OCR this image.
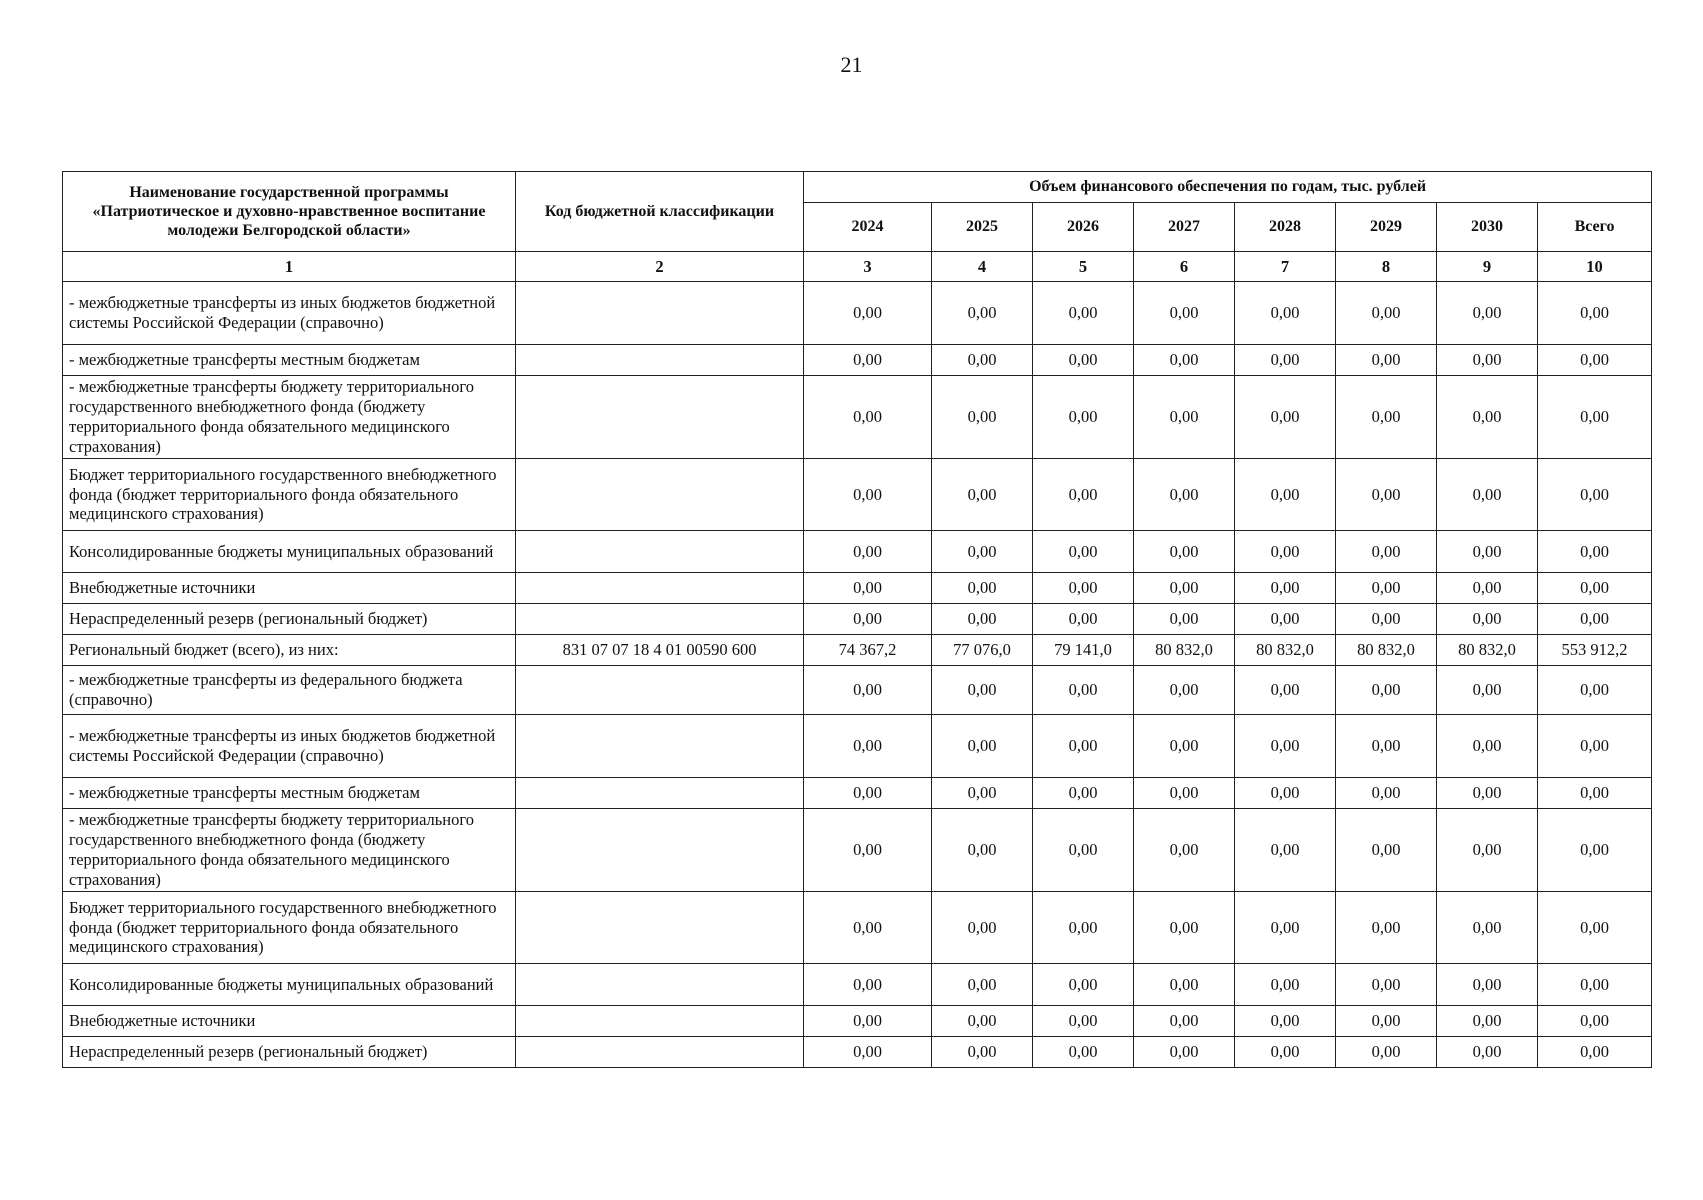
21
Наименование государственной программы «Патриотическое и духовно-нравственное воспитание молодежи Белгородской области»	Код бюджетной классификации	Объем финансового обеспечения по годам, тыс. рублей							
		2024	2025	2026	2027	2028	2029	2030	Всего
1	2	3	4	5	6	7	8	9	10
- межбюджетные трансферты из иных бюджетов бюджетной системы Российской Федерации (справочно)		0,00	0,00	0,00	0,00	0,00	0,00	0,00	0,00
- межбюджетные трансферты местным бюджетам		0,00	0,00	0,00	0,00	0,00	0,00	0,00	0,00
- межбюджетные трансферты бюджету территориального государственного внебюджетного фонда (бюджету территориального фонда обязательного медицинского страхования)		0,00	0,00	0,00	0,00	0,00	0,00	0,00	0,00
Бюджет территориального государственного внебюджетного фонда (бюджет территориального фонда обязательного медицинского страхования)		0,00	0,00	0,00	0,00	0,00	0,00	0,00	0,00
Консолидированные бюджеты муниципальных образований		0,00	0,00	0,00	0,00	0,00	0,00	0,00	0,00
Внебюджетные источники		0,00	0,00	0,00	0,00	0,00	0,00	0,00	0,00
Нераспределенный резерв (региональный бюджет)		0,00	0,00	0,00	0,00	0,00	0,00	0,00	0,00
Региональный бюджет (всего), из них:	831 07 07 18 4 01 00590 600	74 367,2	77 076,0	79 141,0	80 832,0	80 832,0	80 832,0	80 832,0	553 912,2
- межбюджетные трансферты из федерального бюджета (справочно)		0,00	0,00	0,00	0,00	0,00	0,00	0,00	0,00
- межбюджетные трансферты из иных бюджетов бюджетной системы Российской Федерации (справочно)		0,00	0,00	0,00	0,00	0,00	0,00	0,00	0,00
- межбюджетные трансферты местным бюджетам		0,00	0,00	0,00	0,00	0,00	0,00	0,00	0,00
- межбюджетные трансферты бюджету территориального государственного внебюджетного фонда (бюджету территориального фонда обязательного медицинского страхования)		0,00	0,00	0,00	0,00	0,00	0,00	0,00	0,00
Бюджет территориального государственного внебюджетного фонда (бюджет территориального фонда обязательного медицинского страхования)		0,00	0,00	0,00	0,00	0,00	0,00	0,00	0,00
Консолидированные бюджеты муниципальных образований		0,00	0,00	0,00	0,00	0,00	0,00	0,00	0,00
Внебюджетные источники		0,00	0,00	0,00	0,00	0,00	0,00	0,00	0,00
Нераспределенный резерв (региональный бюджет)		0,00	0,00	0,00	0,00	0,00	0,00	0,00	0,00
